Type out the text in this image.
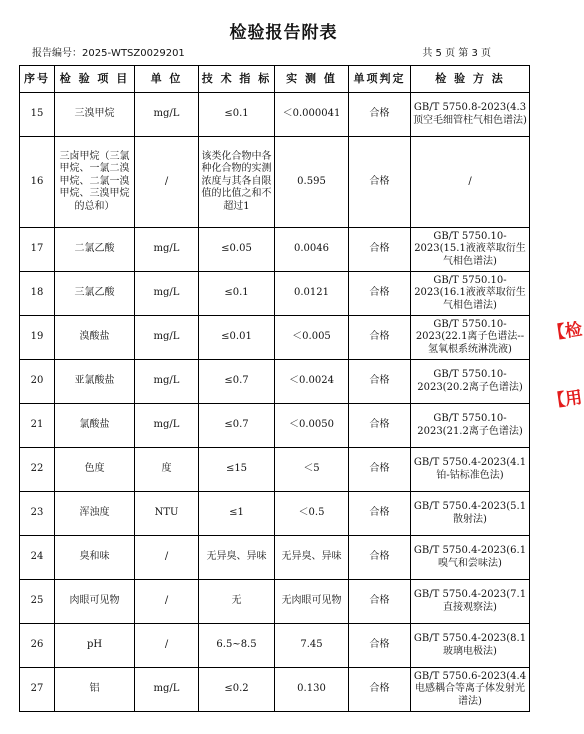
检验报告附表
报告编号：2025-WTSZ0029201	共 5 页 第 3 页
序号	检 验 项 目	单 位	技 术 指 标	实 测 值	单项判定	检 验 方 法
15	三溴甲烷	mg/L	≤0.1	＜0.000041	合格	GB/T 5750.8-2023(4.3顶空毛细管柱气相色谱法)
16	三卤甲烷（三氯甲烷、一氯二溴甲烷、二氯一溴甲烷、三溴甲烷的总和）	/	该类化合物中各种化合物的实测浓度与其各自限值的比值之和不超过1	0.595	合格	/
17	二氯乙酸	mg/L	≤0.05	0.0046	合格	GB/T 5750.10-2023(15.1液液萃取衍生气相色谱法)
18	三氯乙酸	mg/L	≤0.1	0.0121	合格	GB/T 5750.10-2023(16.1液液萃取衍生气相色谱法)
19	溴酸盐	mg/L	≤0.01	＜0.005	合格	GB/T 5750.10-2023(22.1离子色谱法--氢氧根系统淋洗液)
20	亚氯酸盐	mg/L	≤0.7	＜0.0024	合格	GB/T 5750.10-2023(20.2离子色谱法)
21	氯酸盐	mg/L	≤0.7	＜0.0050	合格	GB/T 5750.10-2023(21.2离子色谱法)
22	色度	度	≤15	＜5	合格	GB/T 5750.4-2023(4.1铂-钴标准色法)
23	浑浊度	NTU	≤1	＜0.5	合格	GB/T 5750.4-2023(5.1散射法)
24	臭和味	/	无异臭、异味	无异臭、异味	合格	GB/T 5750.4-2023(6.1嗅气和尝味法)
25	肉眼可见物	/	无	无肉眼可见物	合格	GB/T 5750.4-2023(7.1直接观察法)
26	pH	/	6.5~8.5	7.45	合格	GB/T 5750.4-2023(8.1玻璃电极法)
27	铝	mg/L	≤0.2	0.130	合格	GB/T 5750.6-2023(4.4电感耦合等离子体发射光谱法)
【检
【用
